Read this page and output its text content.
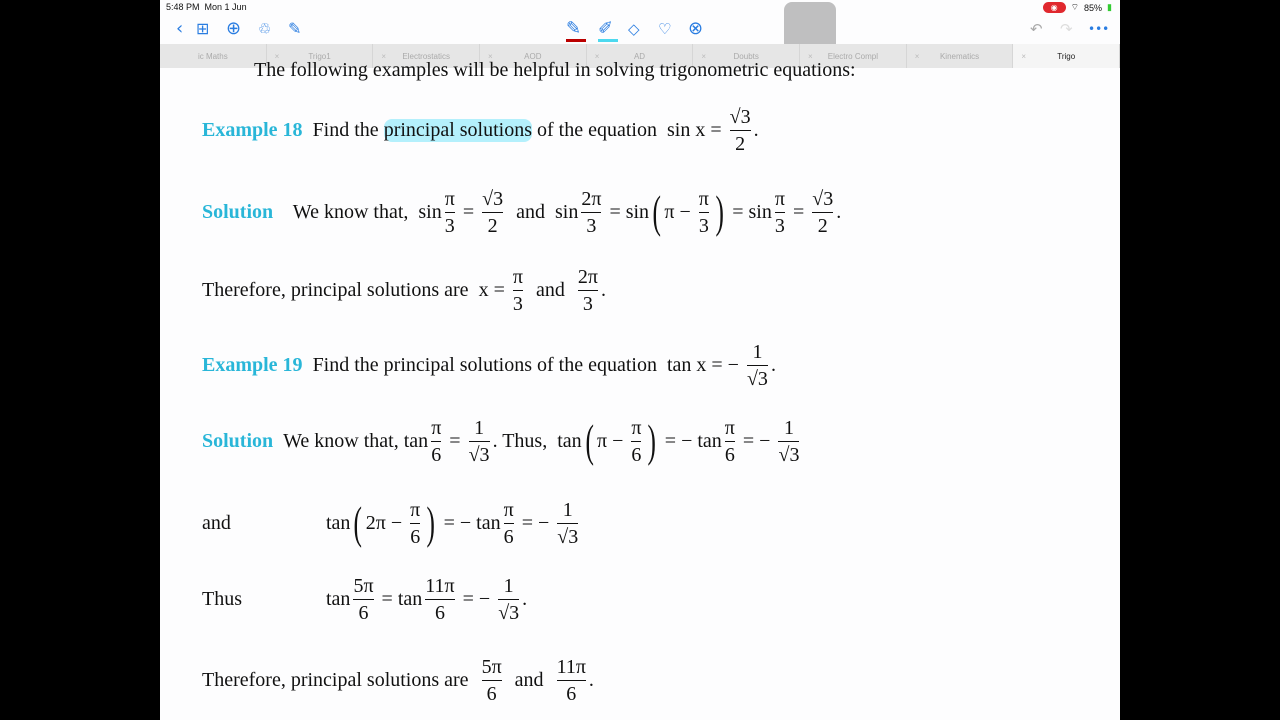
5:48 PM Mon 1 Jun	◉	⌔ 85% ▮
‹ ⊞ ⊕ ♲ ✎	✎ ✐ ◇ ♡ ⊗	↶ ↷ •••
ic Maths	×	Trigo1	× Electrostatics	×	AOD	×	AD	×	Doubts	× Electro Compl	×	Kinematics	×	Trigo
The following examples will be helpful in solving trigonometric equations:
Example 18 Find the principal solutions of the equation  $\sin x = \frac{√3}{2}$ .
Solution We know that,  $\sin \frac{\pi}{3} = \frac{√3}{2}$ and  $\sin \frac{2\pi}{3} = \sin$ ( $\pi - \frac{\pi}{3}$ ) = $\sin \frac{\pi}{3} = \frac{√3}{2}$ .
Therefore, principal solutions are  $x = \frac{\pi}{3}$ and $\frac{2\pi}{3}$ .
Example 19 Find the principal solutions of the equation  tan x = − $\frac{1}{√3}$ .
Solution We know that, $\tan \frac{\pi}{6} = \frac{1}{√3}$ . Thus,  tan ( $\pi - \frac{\pi}{6}$ ) = − $\tan \frac{\pi}{6}$ = − $\frac{1}{√3}$
and	tan ( $2\pi - \frac{\pi}{6}$ ) = − $\tan \frac{\pi}{6}$ = − $\frac{1}{√3}$
Thus	$\tan \frac{5\pi}{6} = \tan \frac{11\pi}{6}$ = − $\frac{1}{√3}$ .
Therefore, principal solutions are $\frac{5\pi}{6}$ and $\frac{11\pi}{6}$ .
